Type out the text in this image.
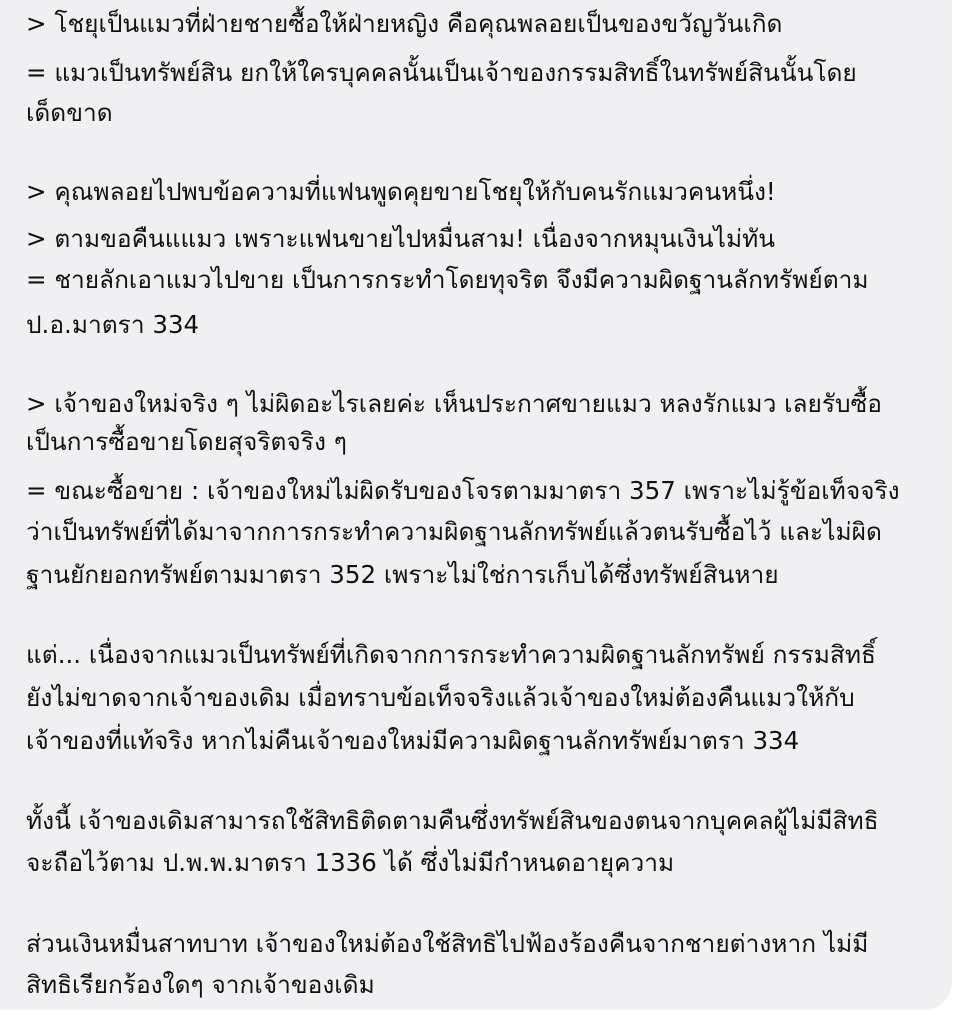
> โชยุเป็นแมวที่ฝ่ายชายซื้อให้ฝ่ายหญิง คือคุณพลอยเป็นของขวัญวันเกิด
= แมวเป็นทรัพย์สิน ยกให้ใครบุคคลนั้นเป็นเจ้าของกรรมสิทธิ์ในทรัพย์สินนั้นโดย
เด็ดขาด
> คุณพลอยไปพบข้อความที่แฟนพูดคุยขายโชยุให้กับคนรักแมวคนหนึ่ง!
> ตามขอคืนแแมว เพราะแฟนขายไปหมื่นสาม! เนื่องจากหมุนเงินไม่ทัน
= ชายลักเอาแมวไปขาย เป็นการกระทำโดยทุจริต จึงมีความผิดฐานลักทรัพย์ตาม
ป.อ.มาตรา 334
> เจ้าของใหม่จริง ๆ ไม่ผิดอะไรเลยค่ะ เห็นประกาศขายแมว หลงรักแมว เลยรับซื้อ
เป็นการซื้อขายโดยสุจริตจริง ๆ
= ขณะซื้อขาย : เจ้าของใหม่ไม่ผิดรับของโจรตามมาตรา 357 เพราะไม่รู้ข้อเท็จจริง
ว่าเป็นทรัพย์ที่ได้มาจากการกระทำความผิดฐานลักทรัพย์แล้วตนรับซื้อไว้ และไม่ผิด
ฐานยักยอกทรัพย์ตามมาตรา 352 เพราะไม่ใช่การเก็บได้ซึ่งทรัพย์สินหาย
แต่... เนื่องจากแมวเป็นทรัพย์ที่เกิดจากการกระทำความผิดฐานลักทรัพย์ กรรมสิทธิ์
ยังไม่ขาดจากเจ้าของเดิม เมื่อทราบข้อเท็จจริงแล้วเจ้าของใหม่ต้องคืนแมวให้กับ
เจ้าของที่แท้จริง หากไม่คืนเจ้าของใหม่มีความผิดฐานลักทรัพย์มาตรา 334
ทั้งนี้ เจ้าของเดิมสามารถใช้สิทธิติดตามคืนซึ่งทรัพย์สินของตนจากบุคคลผู้ไม่มีสิทธิ
จะถือไว้ตาม ป.พ.พ.มาตรา 1336 ได้ ซึ่งไม่มีกำหนดอายุความ
ส่วนเงินหมื่นสาทบาท เจ้าของใหม่ต้องใช้สิทธิไปฟ้องร้องคืนจากชายต่างหาก ไม่มี
สิทธิเรียกร้องใดๆ จากเจ้าของเดิม
